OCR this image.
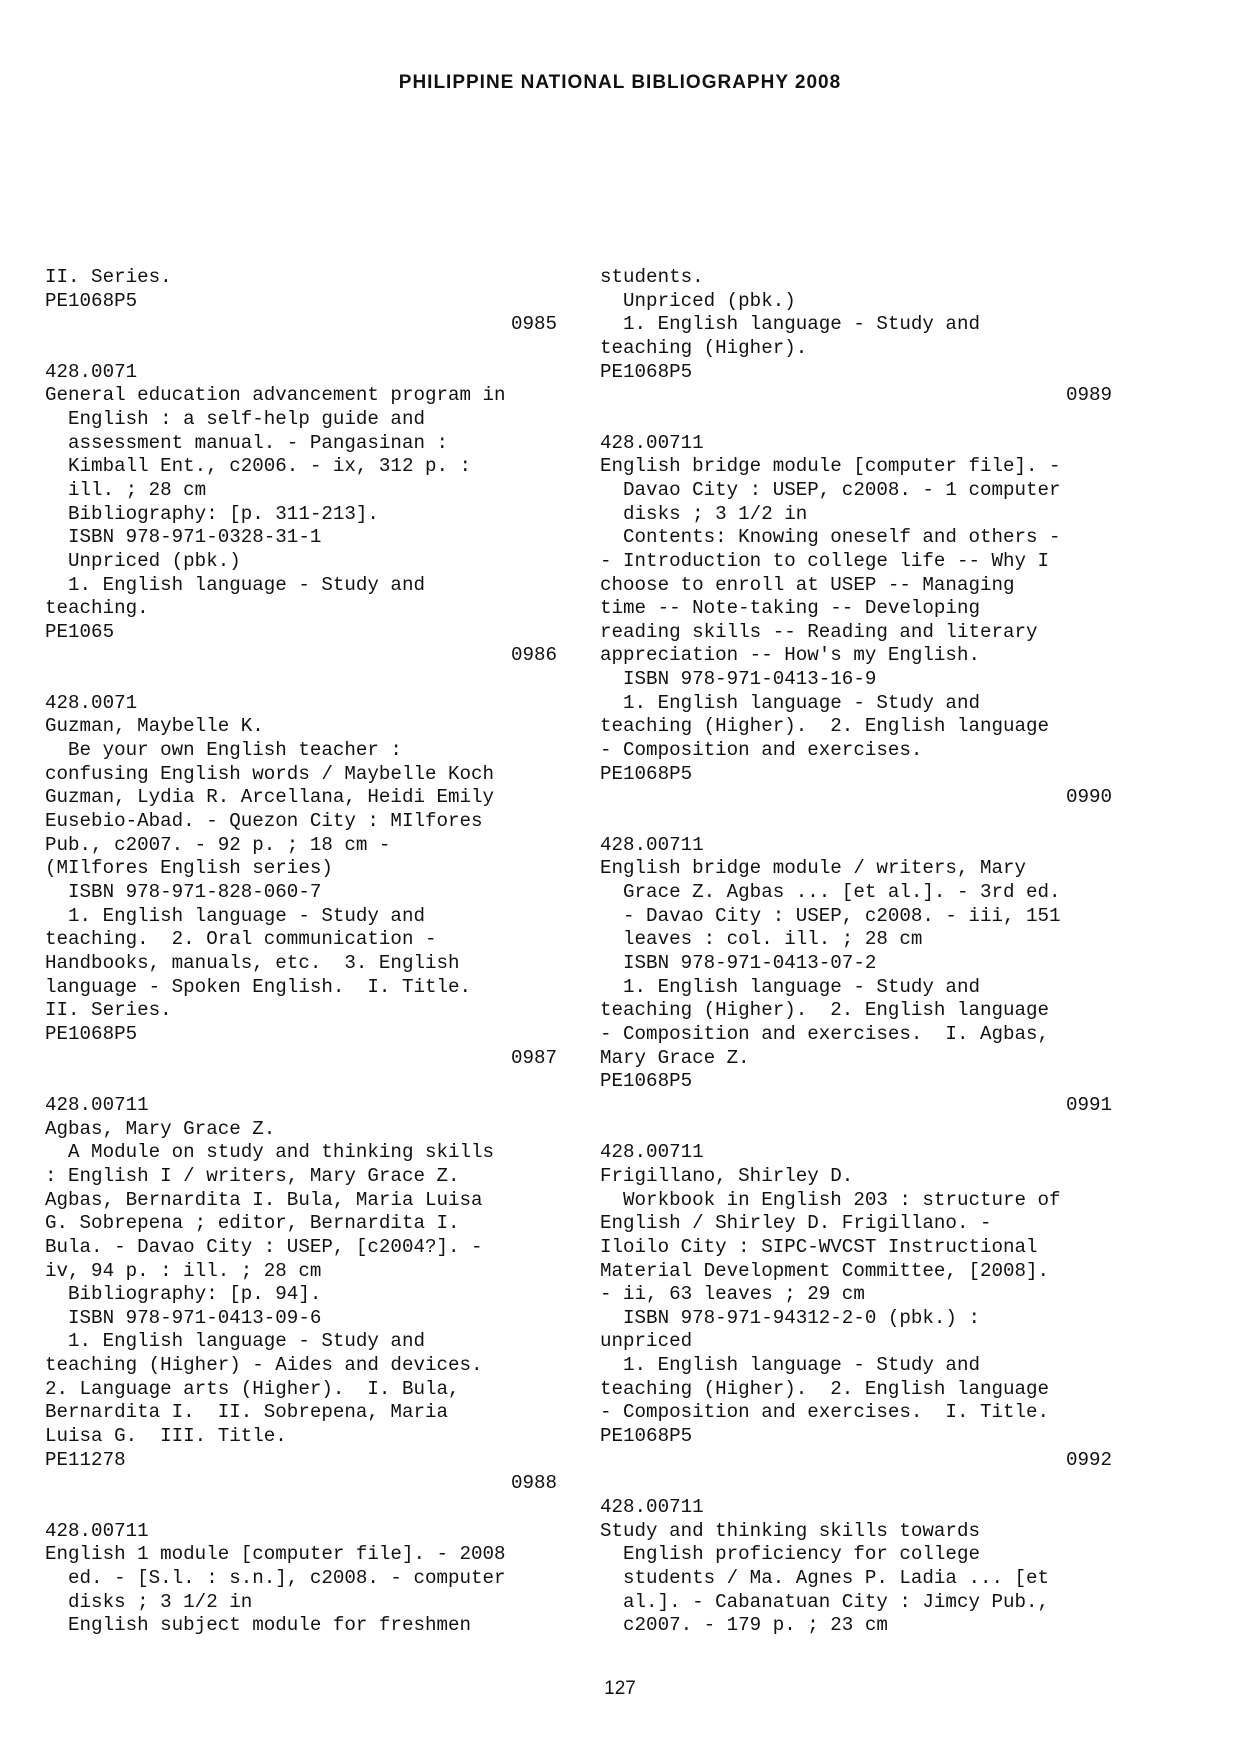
PHILIPPINE NATIONAL BIBLIOGRAPHY 2008
II. Series.
PE1068P5
0985
428.0071
General education advancement program in
English : a self-help guide and
assessment manual. - Pangasinan :
Kimball Ent., c2006. - ix, 312 p. :
ill. ; 28 cm
Bibliography: [p. 311-213].
ISBN 978-971-0328-31-1
Unpriced (pbk.)
1. English language - Study and
teaching.
PE1065
0986
428.0071
Guzman, Maybelle K.
Be your own English teacher :
confusing English words / Maybelle Koch
Guzman, Lydia R. Arcellana, Heidi Emily
Eusebio-Abad. - Quezon City : MIlfores
Pub., c2007. - 92 p. ; 18 cm -
(MIlfores English series)
ISBN 978-971-828-060-7
1. English language - Study and
teaching.  2. Oral communication -
Handbooks, manuals, etc.  3. English
language - Spoken English.  I. Title.
II. Series.
PE1068P5
0987
428.00711
Agbas, Mary Grace Z.
A Module on study and thinking skills
: English I / writers, Mary Grace Z.
Agbas, Bernardita I. Bula, Maria Luisa
G. Sobrepena ; editor, Bernardita I.
Bula. - Davao City : USEP, [c2004?]. -
iv, 94 p. : ill. ; 28 cm
Bibliography: [p. 94].
ISBN 978-971-0413-09-6
1. English language - Study and
teaching (Higher) - Aides and devices.
2. Language arts (Higher).  I. Bula,
Bernardita I.  II. Sobrepena, Maria
Luisa G.  III. Title.
PE11278
0988
428.00711
English 1 module [computer file]. - 2008
ed. - [S.l. : s.n.], c2008. - computer
disks ; 3 1/2 in
English subject module for freshmen
students.
Unpriced (pbk.)
1. English language - Study and
teaching (Higher).
PE1068P5
0989
428.00711
English bridge module [computer file]. -
Davao City : USEP, c2008. - 1 computer
disks ; 3 1/2 in
Contents: Knowing oneself and others -
- Introduction to college life -- Why I
choose to enroll at USEP -- Managing
time -- Note-taking -- Developing
reading skills -- Reading and literary
appreciation -- How's my English.
ISBN 978-971-0413-16-9
1. English language - Study and
teaching (Higher).  2. English language
- Composition and exercises.
PE1068P5
0990
428.00711
English bridge module / writers, Mary
Grace Z. Agbas ... [et al.]. - 3rd ed.
- Davao City : USEP, c2008. - iii, 151
leaves : col. ill. ; 28 cm
ISBN 978-971-0413-07-2
1. English language - Study and
teaching (Higher).  2. English language
- Composition and exercises.  I. Agbas,
Mary Grace Z.
PE1068P5
0991
428.00711
Frigillano, Shirley D.
Workbook in English 203 : structure of
English / Shirley D. Frigillano. -
Iloilo City : SIPC-WVCST Instructional
Material Development Committee, [2008].
- ii, 63 leaves ; 29 cm
ISBN 978-971-94312-2-0 (pbk.) :
unpriced
1. English language - Study and
teaching (Higher).  2. English language
- Composition and exercises.  I. Title.
PE1068P5
0992
428.00711
Study and thinking skills towards
English proficiency for college
students / Ma. Agnes P. Ladia ... [et
al.]. - Cabanatuan City : Jimcy Pub.,
c2007. - 179 p. ; 23 cm
127
